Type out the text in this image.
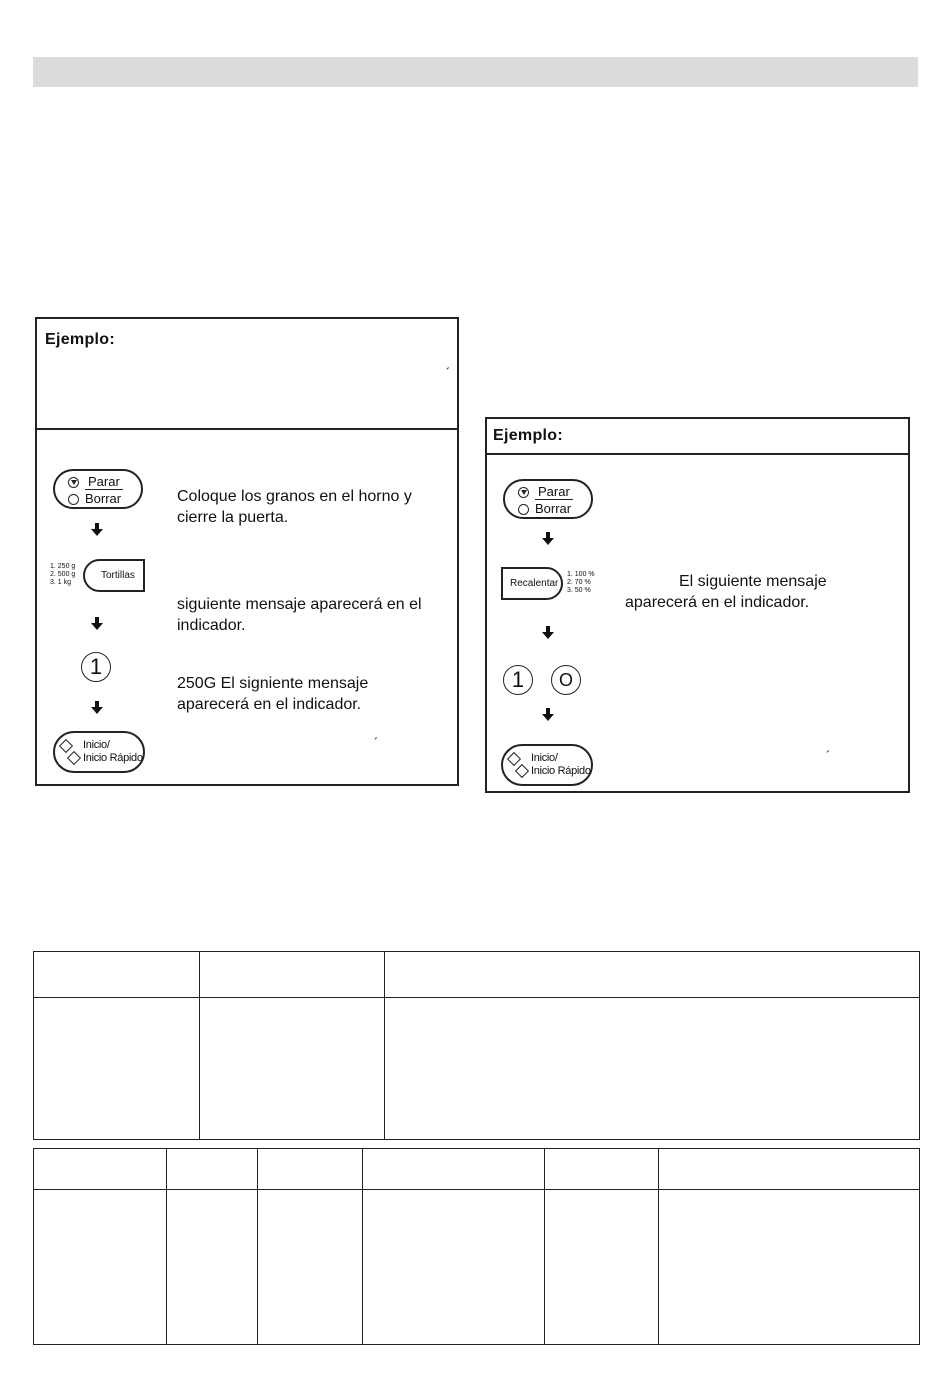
Ejemplo:
´
Parar
Borrar	Coloque los granos en el horno y cierre la puerta.
1. 250 g
2. 500 g
3. 1 kg
Tortillas
siguiente mensaje aparecerá en el indicador.
1
250G El signiente mensaje aparecerá en el indicador.
Inicio/
Inicio Rápido
´
Ejemplo:
Parar
Borrar
Recalentar
1. 100 %
2. 70 %
3. 50 %
El siguiente mensaje aparecerá en el indicador.
1	O
Inicio/
Inicio Rápido
´
